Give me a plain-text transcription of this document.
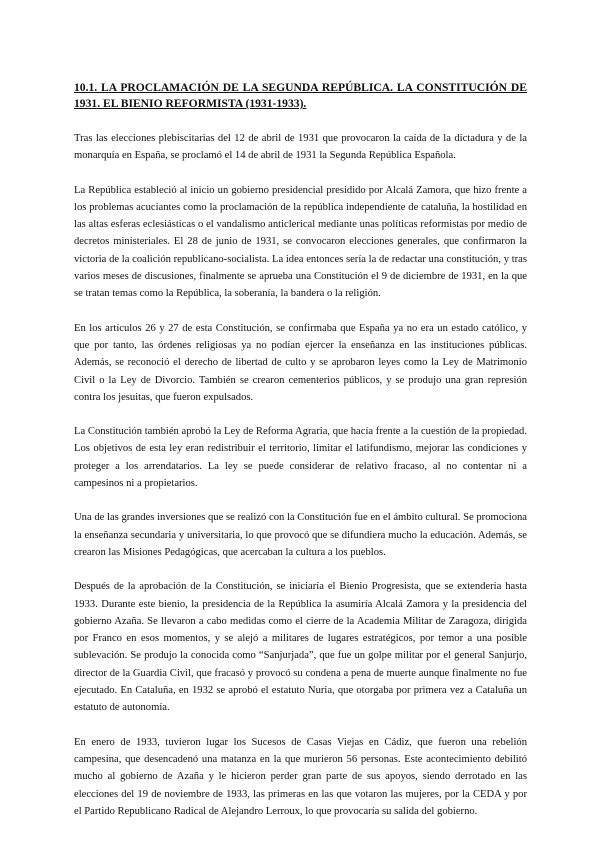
10.1. LA PROCLAMACIÓN DE LA SEGUNDA REPÚBLICA. LA CONSTITUCIÓN DE 1931. EL BIENIO REFORMISTA (1931-1933).

Tras las elecciones plebiscitarias del 12 de abril de 1931 que provocaron la caída de la dictadura y de la monarquía en España, se proclamó el 14 de abril de 1931 la Segunda República Española.

La República estableció al inicio un gobierno presidencial presidido por Alcalá Zamora, que hizo frente a los problemas acuciantes como la proclamación de la república independiente de cataluña, la hostilidad en las altas esferas eclesiásticas o el vandalismo anticlerical mediante unas políticas reformistas por medio de decretos ministeriales. El 28 de junio de 1931, se convocaron elecciones generales, que confirmaron la victoria de la coalición republicano-socialista. La idea entonces sería la de redactar una constitución, y tras varios meses de discusiones, finalmente se aprueba una Constitución el 9 de diciembre de 1931, en la que se tratan temas como la República, la soberanía, la bandera o la religión.

En los artículos 26 y 27 de esta Constitución, se confirmaba que España ya no era un estado católico, y que por tanto, las órdenes religiosas ya no podían ejercer la enseñanza en las instituciones públicas. Además, se reconoció el derecho de libertad de culto y se aprobaron leyes como la Ley de Matrimonio Civil o la Ley de Divorcio. También se crearon cementerios públicos, y se produjo una gran represión contra los jesuitas, que fueron expulsados.

La Constitución también aprobó la Ley de Reforma Agraria, que hacía frente a la cuestión de la propiedad. Los objetivos de esta ley eran redistribuir el territorio, limitar el latifundismo, mejorar las condiciones y proteger a los arrendatarios. La ley se puede considerar de relativo fracaso, al no contentar ni a campesinos ni a propietarios.

Una de las grandes inversiones que se realizó con la Constitución fue en el ámbito cultural. Se promociona la enseñanza secundaria y universitaria, lo que provocó que se difundiera mucho la educación. Además, se crearon las Misiones Pedagógicas, que acercaban la cultura a los pueblos.

Después de la aprobación de la Constitución, se iniciaría el Bienio Progresista, que se extendería hasta 1933. Durante este bienio, la presidencia de la República la asumiría Alcalá Zamora y la presidencia del gobierno Azaña. Se llevaron a cabo medidas como el cierre de la Academia Militar de Zaragoza, dirigida por Franco en esos momentos, y se alejó a militares de lugares estratégicos, por temor a una posible sublevación. Se produjo la conocida como “Sanjurjada”, que fue un golpe militar por el general Sanjurjo, director de la Guardia Civil, que fracasó y provocó su condena a pena de muerte aunque finalmente no fue ejecutado. En Cataluña, en 1932 se aprobó el estatuto Nuria, que otorgaba por primera vez a Cataluña un estatuto de autonomía.

En enero de 1933, tuvieron lugar los Sucesos de Casas Viejas en Cádiz, que fueron una rebelión campesina, que desencadenó una matanza en la que murieron 56 personas. Este acontecimiento debilitó mucho al gobierno de Azaña y le hicieron perder gran parte de sus apoyos, siendo derrotado en las elecciones del 19 de noviembre de 1933, las primeras en las que votaron las mujeres, por la CEDA y por el Partido Republicano Radical de Alejandro Lerroux, lo que provocaría su salida del gobierno.
